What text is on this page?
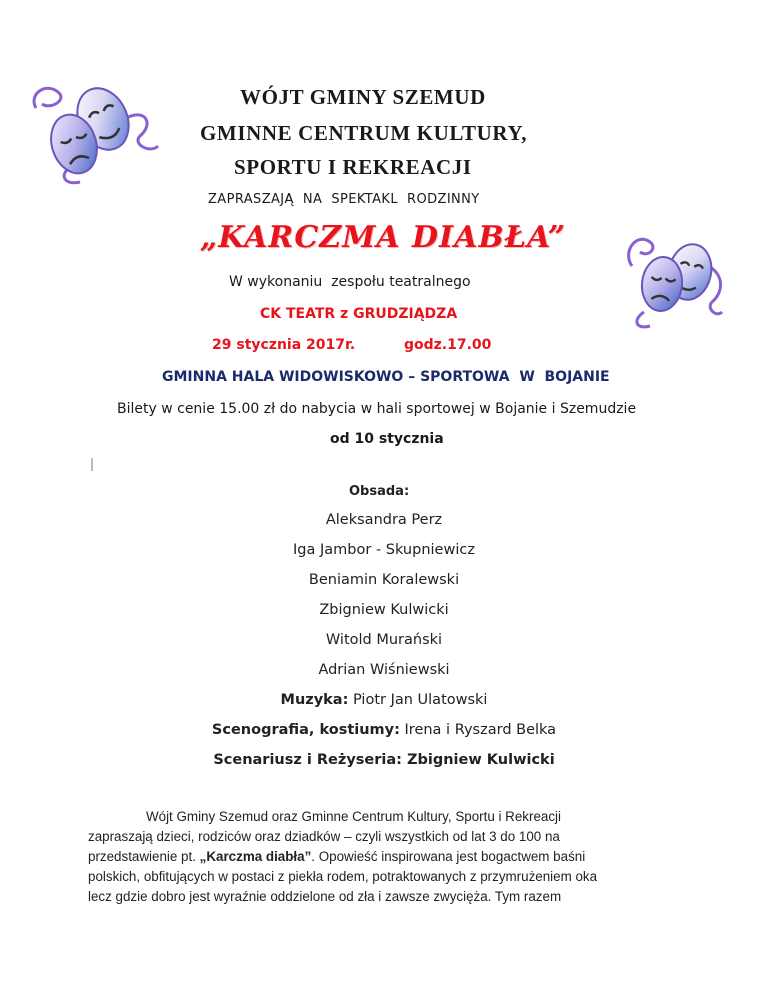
WÓJT GMINY SZEMUD
GMINNE CENTRUM KULTURY,
SPORTU I REKREACJI
ZAPRASZAJĄ  NA  SPEKTAKL  RODZINNY
„KARCZMA DIABŁA”
W wykonaniu  zespołu teatralnego
CK TEATR z GRUDZIĄDZA
29 stycznia 2017r.	godz.17.00
GMINNA HALA WIDOWISKOWO – SPORTOWA  W  BOJANIE
Bilety w cenie 15.00 zł do nabycia w hali sportowej w Bojanie i Szemudzie
od 10 stycznia
Obsada:
Aleksandra Perz
Iga Jambor - Skupniewicz
Beniamin Koralewski
Zbigniew Kulwicki
Witold Murański
Adrian Wiśniewski
Muzyka: Piotr Jan Ulatowski
Scenografia, kostiumy: Irena i Ryszard Belka
Scenariusz i Reżyseria: Zbigniew Kulwicki
Wójt Gminy Szemud oraz Gminne Centrum Kultury, Sportu i Rekreacji
zapraszają dzieci, rodziców oraz dziadków – czyli wszystkich od lat 3 do 100 na
przedstawienie pt. „Karczma diabła”. Opowieść inspirowana jest bogactwem baśni
polskich, obfitujących w postaci z piekła rodem, potraktowanych z przymrużeniem oka
lecz gdzie dobro jest wyraźnie oddzielone od zła i zawsze zwycięża. Tym razem
